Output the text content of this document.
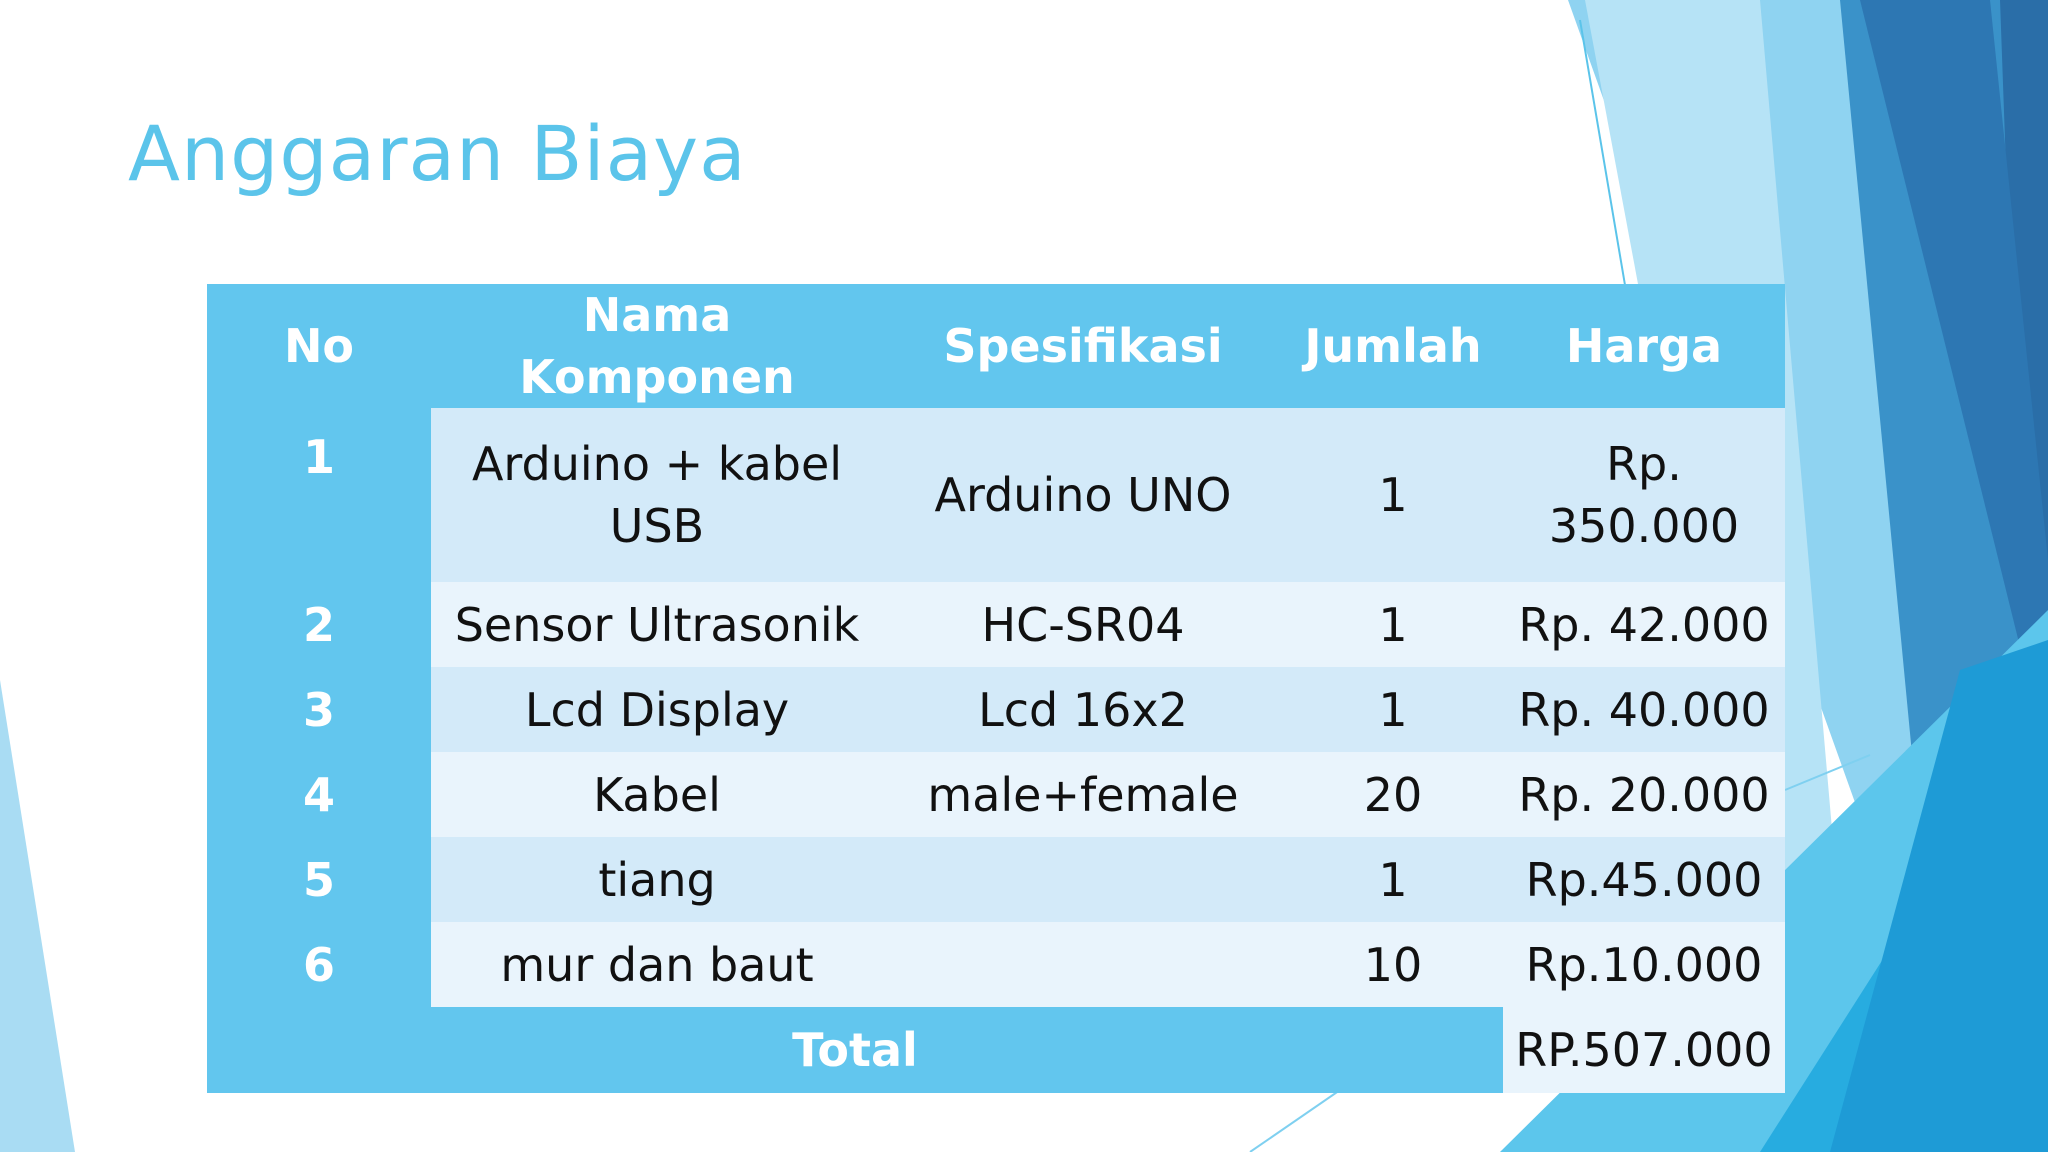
Anggaran Biaya
No	Nama Komponen	Spesifikasi	Jumlah	Harga
1	Arduino + kabel USB	Arduino UNO	1	Rp. 350.000
2	Sensor Ultrasonik	HC-SR04	1	Rp. 42.000
3	Lcd Display	Lcd 16x2	1	Rp. 40.000
4	Kabel	male+female	20	Rp. 20.000
5	tiang		1	Rp.45.000
6	mur dan baut		10	Rp.10.000
Total				RP.507.000
